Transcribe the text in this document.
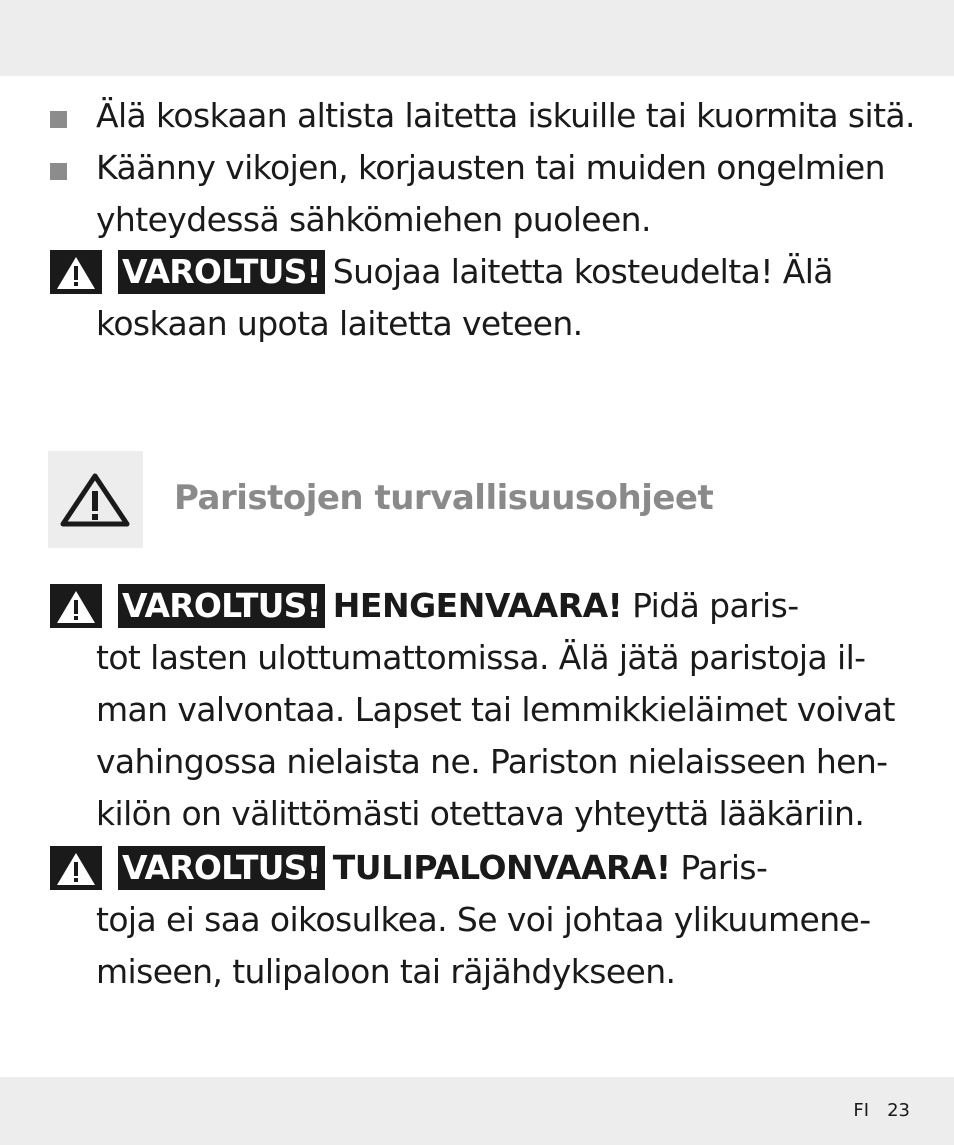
Älä koskaan altista laitetta iskuille tai kuormita sitä.
Käänny vikojen, korjausten tai muiden ongelmien
yhteydessä sähkömiehen puoleen.
VAROLTUS! Suojaa laitetta kosteudelta! Älä
koskaan upota laitetta veteen.
Paristojen turvallisuusohjeet
VAROLTUS! HENGENVAARA! Pidä paris-
tot lasten ulottumattomissa. Älä jätä paristoja il-
man valvontaa. Lapset tai lemmikkieläimet voivat
vahingossa nielaista ne. Pariston nielaisseen hen-
kilön on välittömästi otettava yhteyttä lääkäriin.
VAROLTUS! TULIPALONVAARA! Paris-
toja ei saa oikosulkea. Se voi johtaa ylikuumene-
miseen, tulipaloon tai räjähdykseen.
FI 23
